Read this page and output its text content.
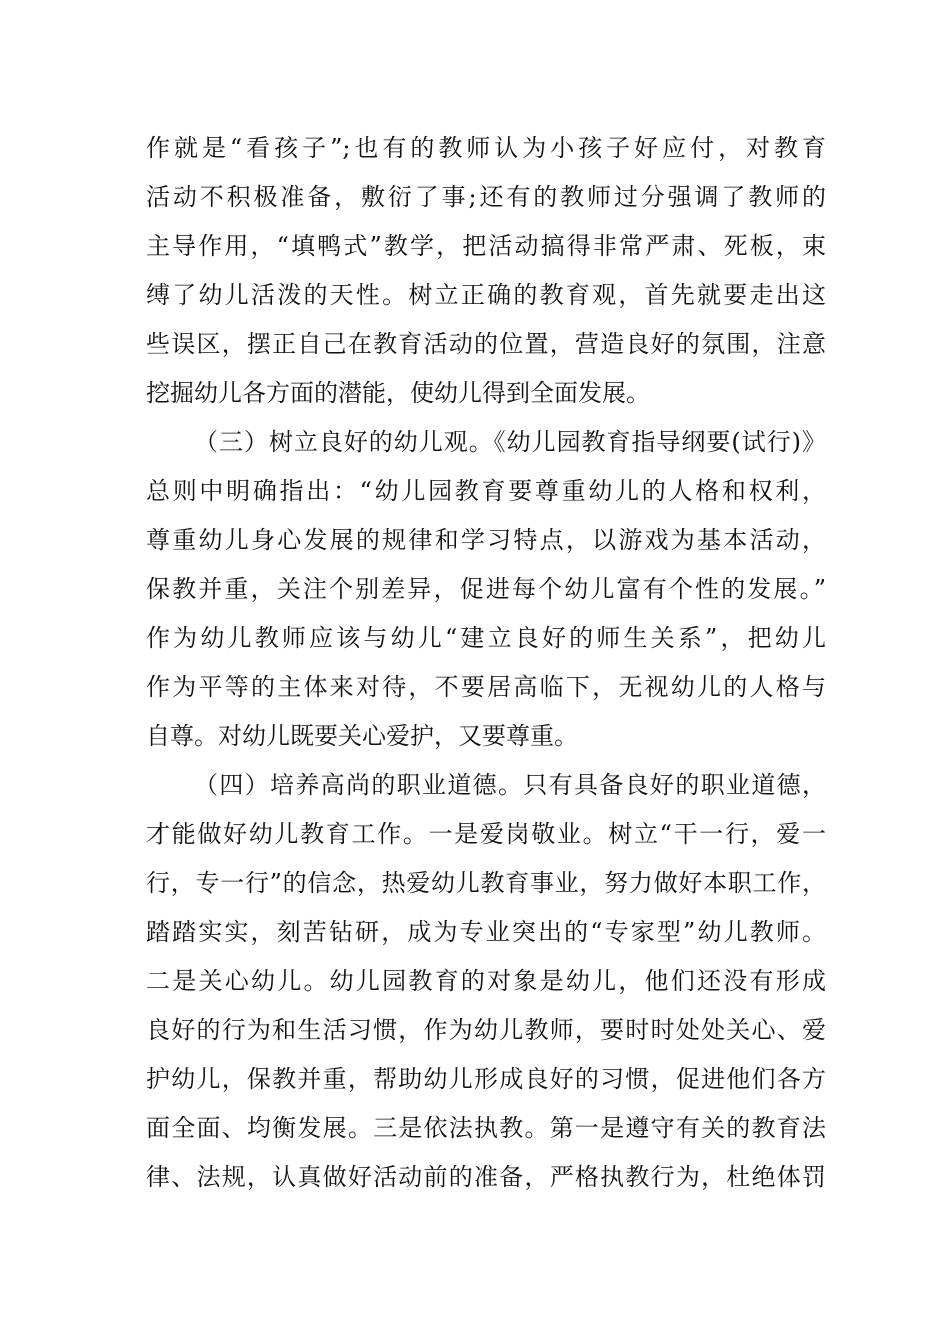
作就是“看孩子”;也有的教师认为小孩子好应付，对教育
活动不积极准备，敷衍了事;还有的教师过分强调了教师的
主导作用，“填鸭式”教学，把活动搞得非常严肃、死板，束
缚了幼儿活泼的天性。树立正确的教育观，首先就要走出这
些误区，摆正自己在教育活动的位置，营造良好的氛围，注意
挖掘幼儿各方面的潜能，使幼儿得到全面发展。
（三）树立良好的幼儿观。《幼儿园教育指导纲要(试行)》
总则中明确指出：“幼儿园教育要尊重幼儿的人格和权利，
尊重幼儿身心发展的规律和学习特点，以游戏为基本活动，
保教并重，关注个别差异，促进每个幼儿富有个性的发展。”
作为幼儿教师应该与幼儿“建立良好的师生关系”，把幼儿
作为平等的主体来对待，不要居高临下，无视幼儿的人格与
自尊。对幼儿既要关心爱护，又要尊重。
（四）培养高尚的职业道德。只有具备良好的职业道德，
才能做好幼儿教育工作。一是爱岗敬业。树立“干一行，爱一
行，专一行”的信念，热爱幼儿教育事业，努力做好本职工作，
踏踏实实，刻苦钻研，成为专业突出的“专家型”幼儿教师。
二是关心幼儿。幼儿园教育的对象是幼儿，他们还没有形成
良好的行为和生活习惯，作为幼儿教师，要时时处处关心、爱
护幼儿，保教并重，帮助幼儿形成良好的习惯，促进他们各方
面全面、均衡发展。三是依法执教。第一是遵守有关的教育法
律、法规，认真做好活动前的准备，严格执教行为，杜绝体罚
